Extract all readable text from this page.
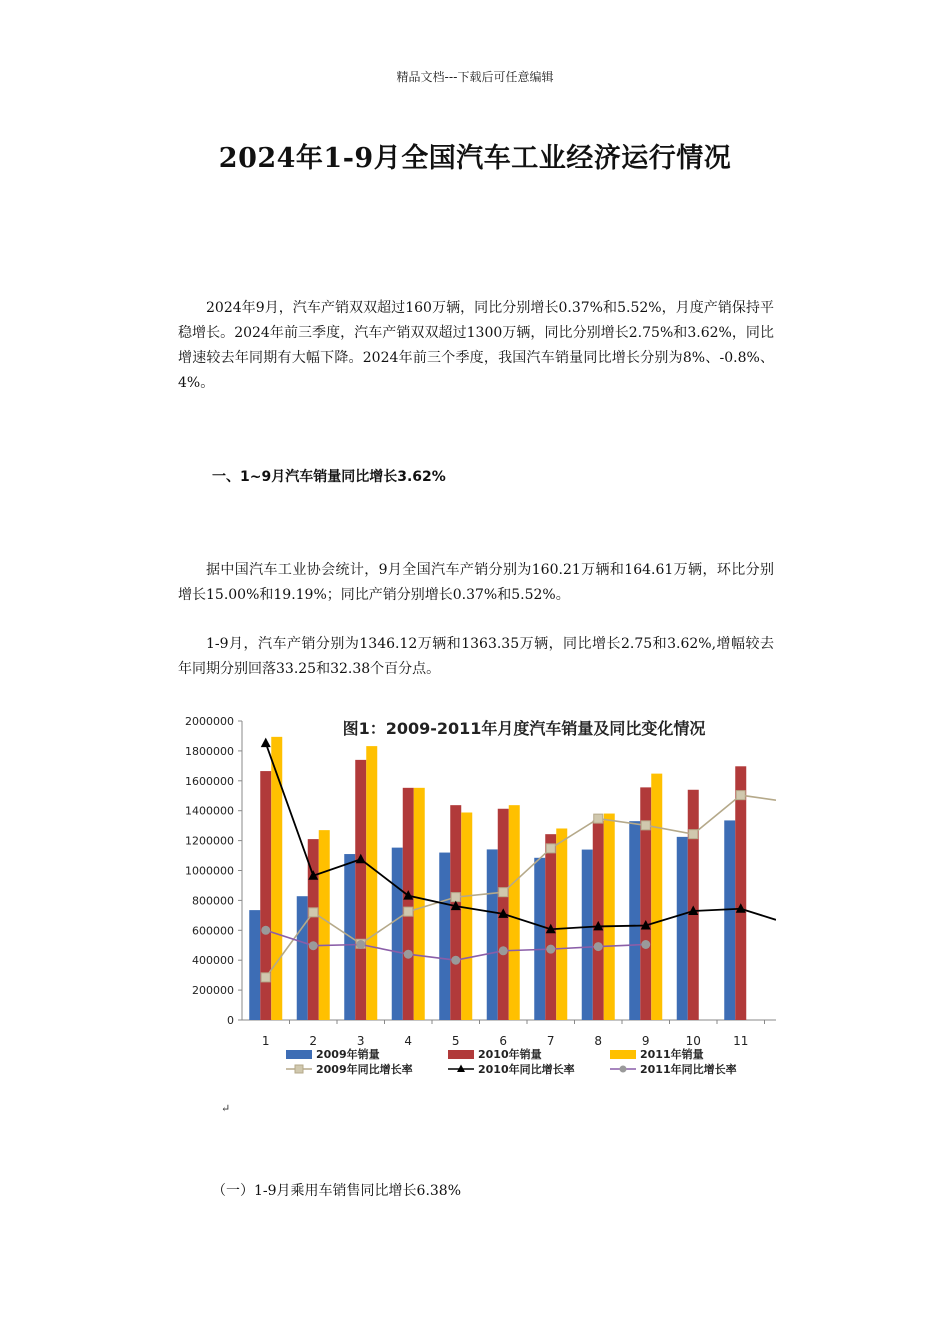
精品文档---下载后可任意编辑
2024年1-9月全国汽车工业经济运行情况

2024年9月，汽车产销双双超过160万辆，同比分别增长0.37%和5.52%，月度产销保持平稳增长。2024年前三季度，汽车产销双双超过1300万辆，同比分别增长2.75%和3.62%，同比增速较去年同期有大幅下降。2024年前三个季度，我国汽车销量同比增长分别为8%、-0.8%、4%。

一、1~9月汽车销量同比增长3.62%

据中国汽车工业协会统计，9月全国汽车产销分别为160.21万辆和164.61万辆，环比分别增长15.00%和19.19%；同比产销分别增长0.37%和5.52%。

1-9月，汽车产销分别为1346.12万辆和1363.35万辆，同比增长2.75和3.62%,增幅较去年同期分别回落33.25和32.38个百分点。

图1：2009-2011年月度汽车销量及同比变化情况
0
200000
400000
600000
800000
1000000
1200000
1400000
1600000
1800000
2000000
1	2	3	4	5	6	7	8	9	10	11
2009年销量	2010年销量	2011年销量
2009年同比增长率	2010年同比增长率	2011年同比增长率
↵
（一）1-9月乘用车销售同比增长6.38%
